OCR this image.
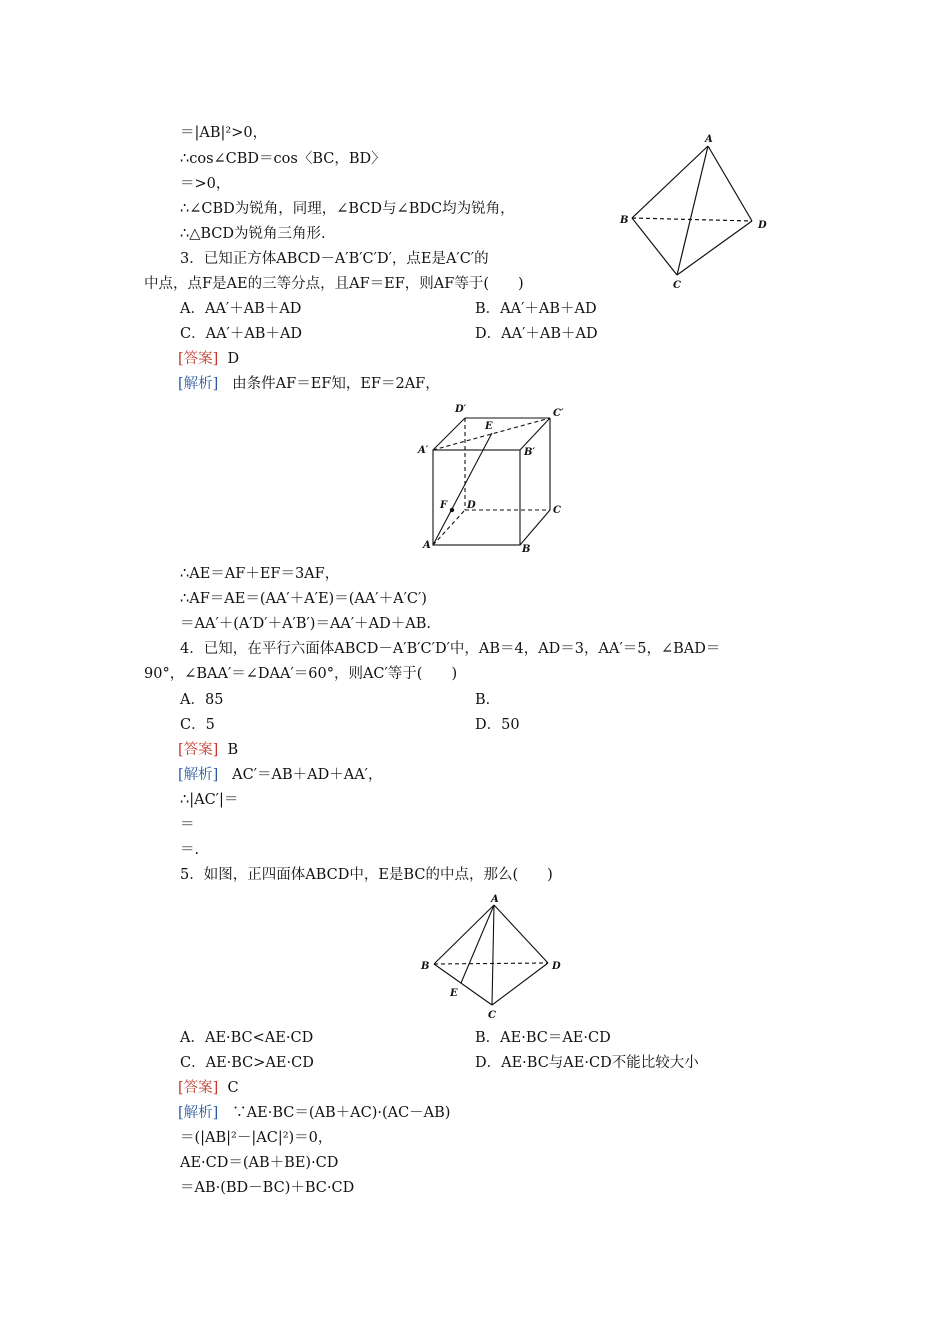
＝|AB|²>0，
∴cos∠CBD＝cos〈BC，BD〉
＝>0，
∴∠CBD为锐角，同理，∠BCD与∠BDC均为锐角，
∴△BCD为锐角三角形.
3．已知正方体ABCD－A′B′C′D′，点E是A′C′的
中点，点F是AE的三等分点，且AF＝EF，则AF等于(　　)
A．AA′＋AB＋AD	B．AA′＋AB＋AD
C．AA′＋AB＋AD	D．AA′＋AB＋AD
[答案] D
[解析] 由条件AF＝EF知，EF＝2AF，
∴AE＝AF＋EF＝3AF，
∴AF＝AE＝(AA′＋A′E)＝(AA′＋A′C′)
＝AA′＋(A′D′＋A′B′)＝AA′＋AD＋AB.
4．已知，在平行六面体ABCD－A′B′C′D′中，AB＝4，AD＝3，AA′＝5，∠BAD＝
90°，∠BAA′＝∠DAA′＝60°，则AC′等于(　　)
A．85	B．
C．5	D．50
[答案] B
[解析] AC′＝AB＋AD＋AA′，
∴|AC′|＝
＝
＝.
5．如图，正四面体ABCD中，E是BC的中点，那么(　　)
A．AE·BC<AE·CD	B．AE·BC＝AE·CD
C．AE·BC>AE·CD	D．AE·BC与AE·CD不能比较大小
[答案] C
[解析] ∵AE·BC＝(AB＋AC)·(AC－AB)
＝(|AB|²－|AC|²)＝0，
AE·CD＝(AB＋BE)·CD
＝AB·(BD－BC)＋BC·CD
A
B	D
C
D′	C′
A′	B′
E
F D	C
A	B
A
B	D
E
C
